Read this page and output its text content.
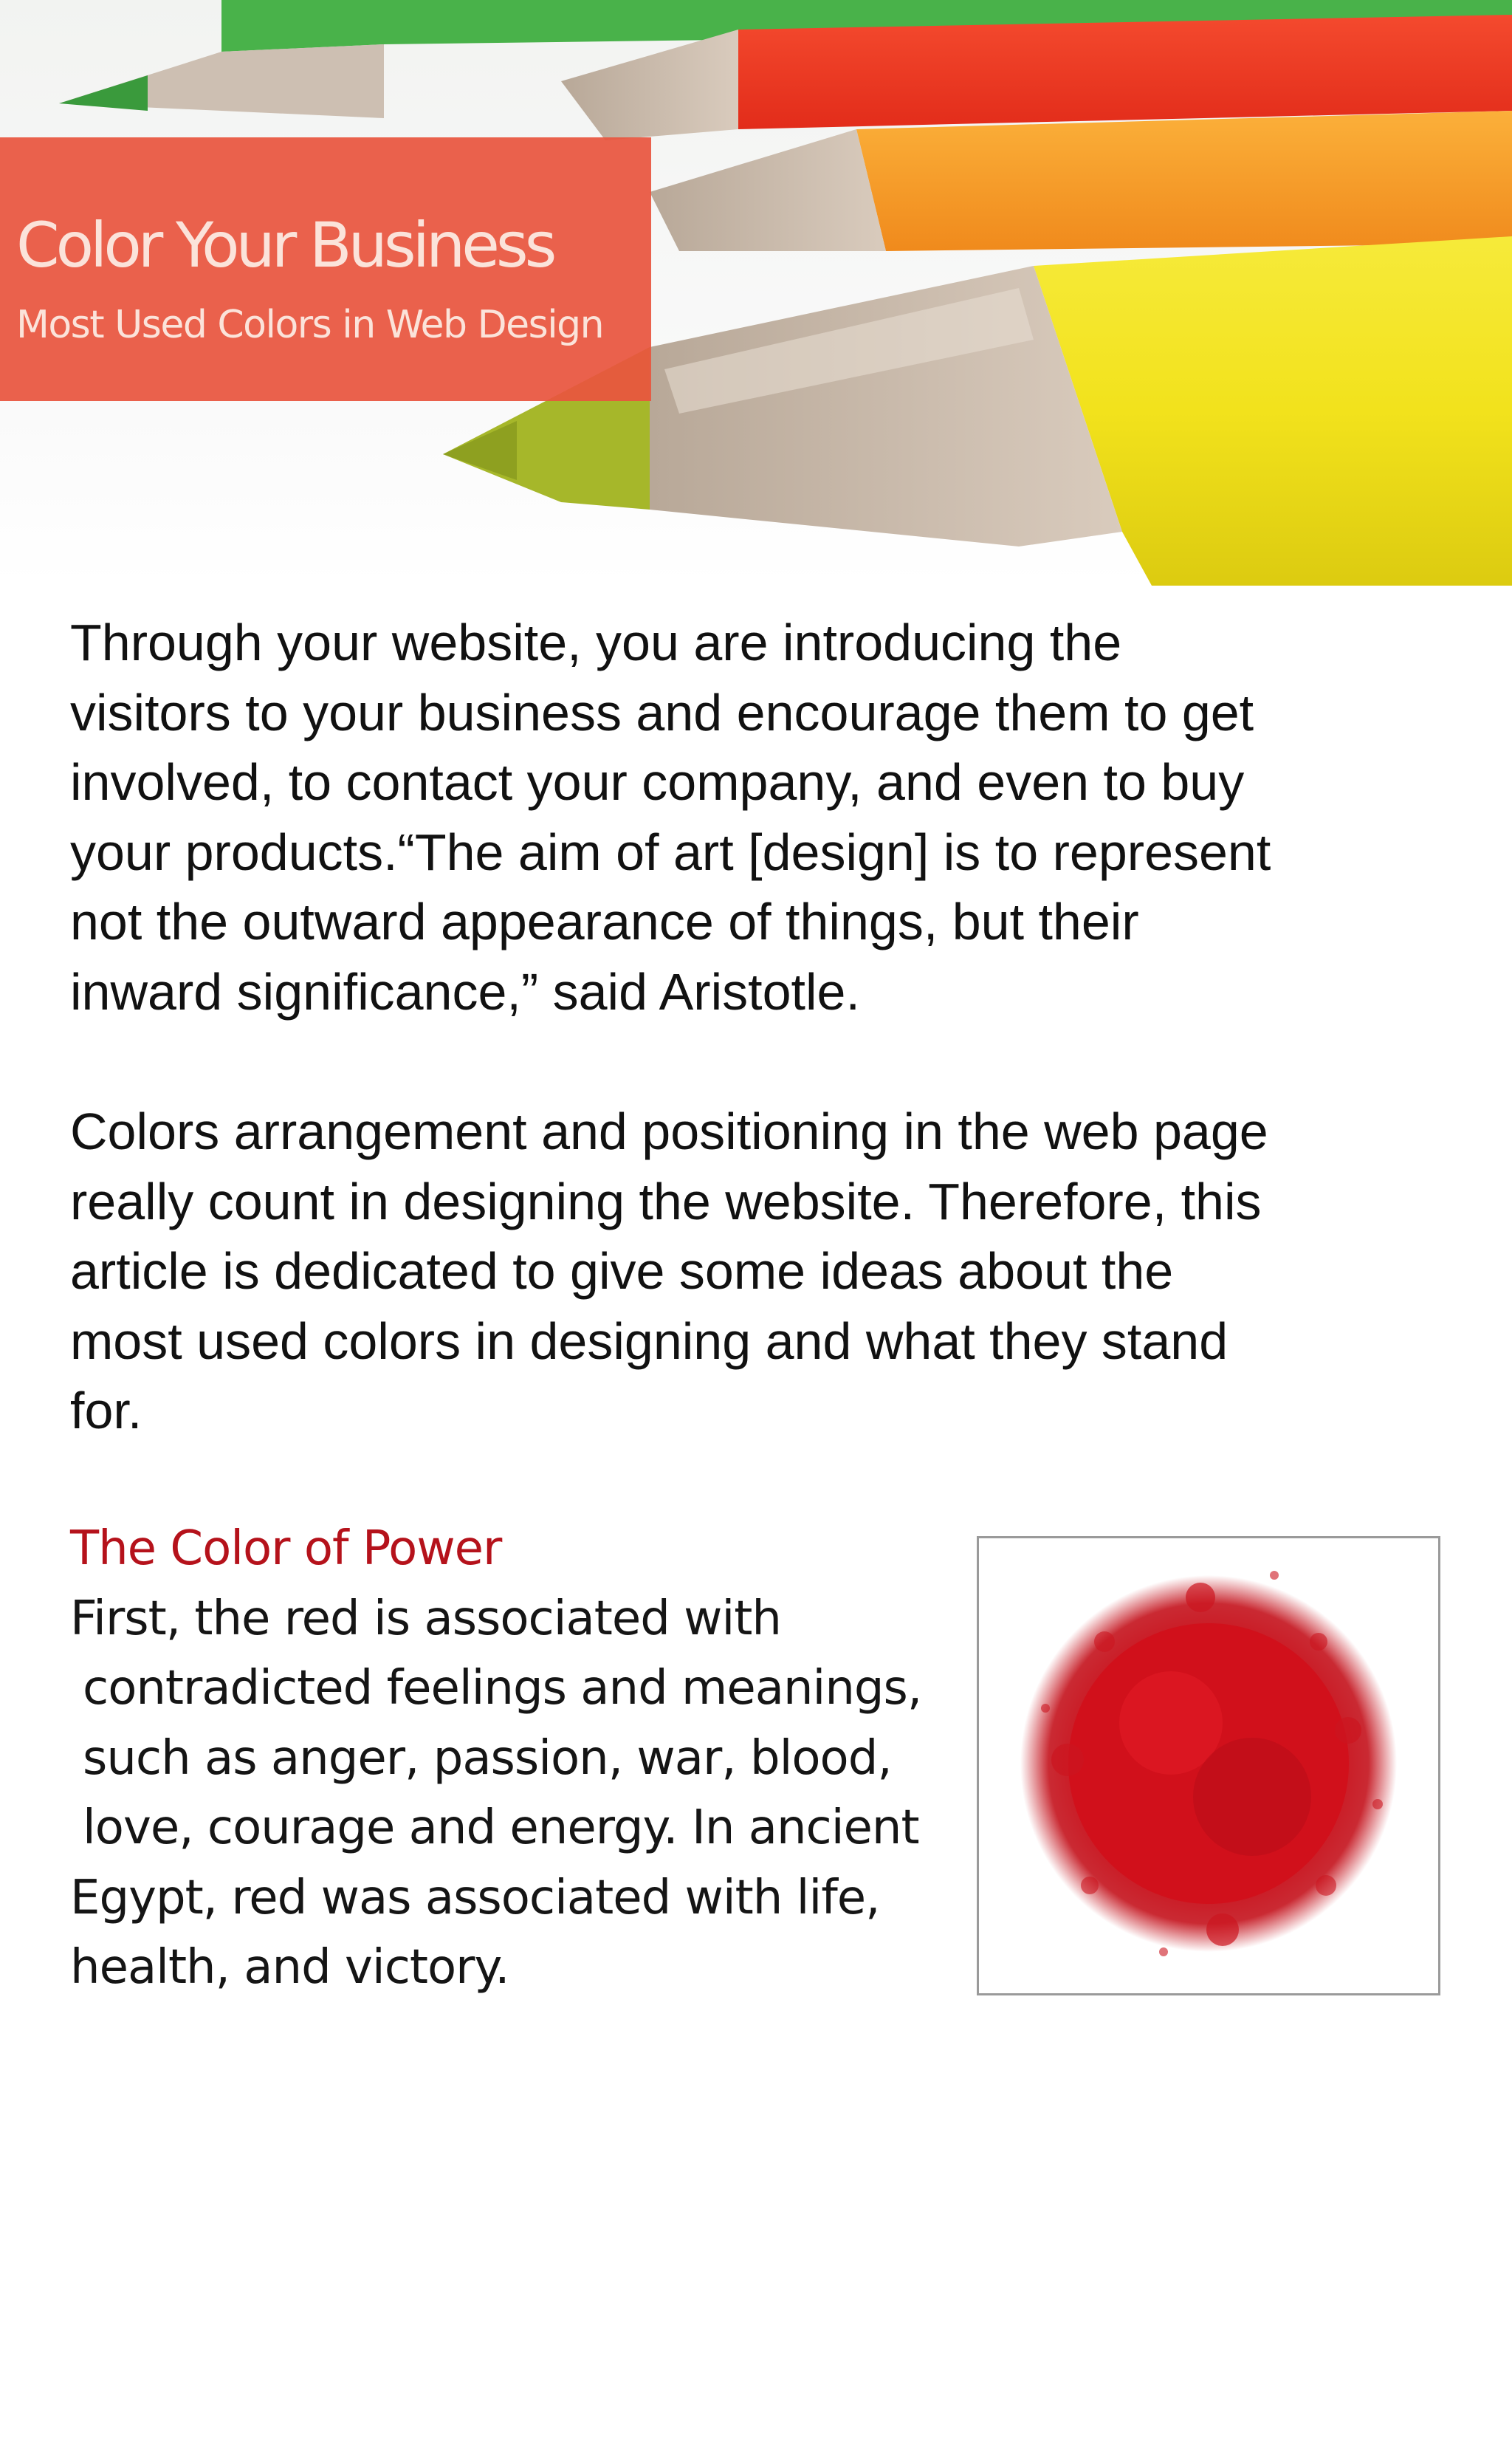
Color Your Business
Most Used Colors in Web Design

Through your website, you are introducing the
visitors to your business and encourage them to get
involved, to contact your company, and even to buy
your products.“The aim of art [design] is to represent
not the outward appearance of things, but their
inward significance,” said Aristotle.

Colors arrangement and positioning in the web page
really count in designing the website. Therefore, this
article is dedicated to give some ideas about the
most used colors in designing and what they stand
for.

The Color of Power
First, the red is associated with
contradicted feelings and meanings,
such as anger, passion, war, blood,
love, courage and energy. In ancient
Egypt, red was associated with life,
health, and victory.
